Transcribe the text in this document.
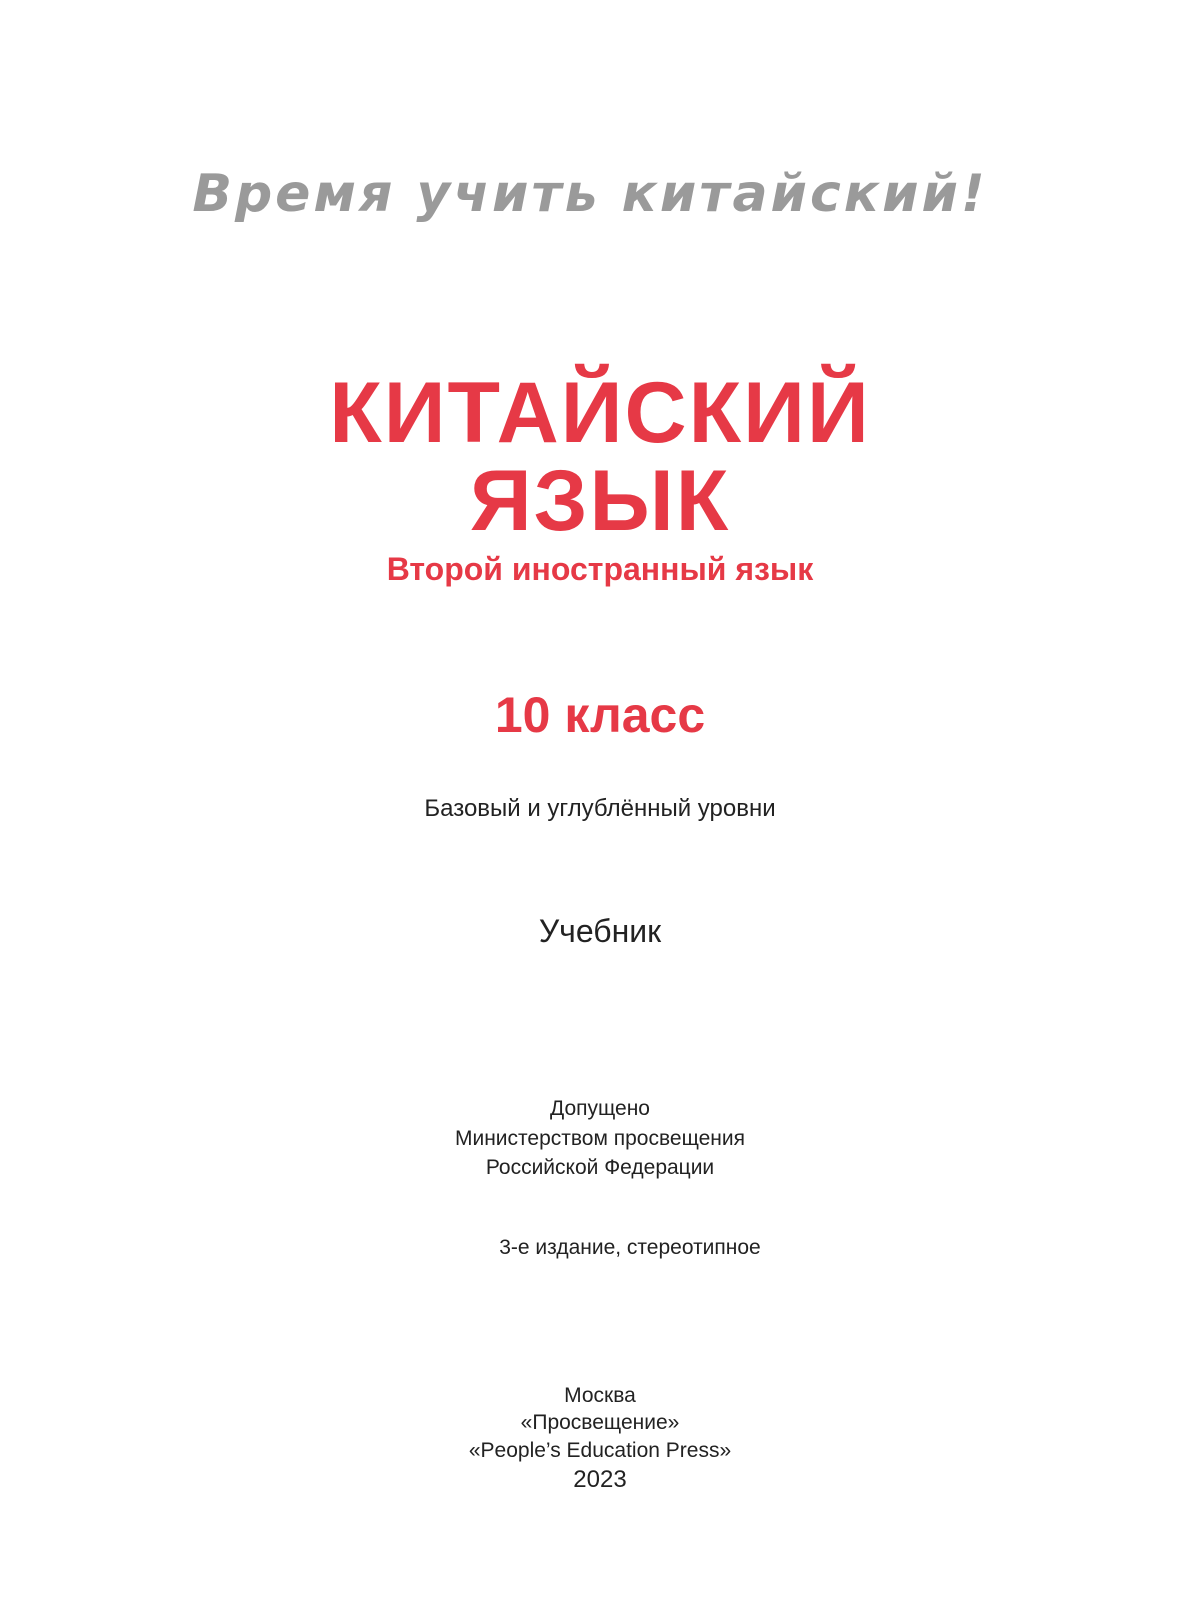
Время учить китайский!
КИТАЙСКИЙ
ЯЗЫК
Второй иностранный язык
10 класс
Базовый и углублённый уровни
Учебник
Допущено
Министерством просвещения
Российской Федерации
3-е издание, стереотипное
Москва
«Просвещение»
«People’s Education Press»
2023
